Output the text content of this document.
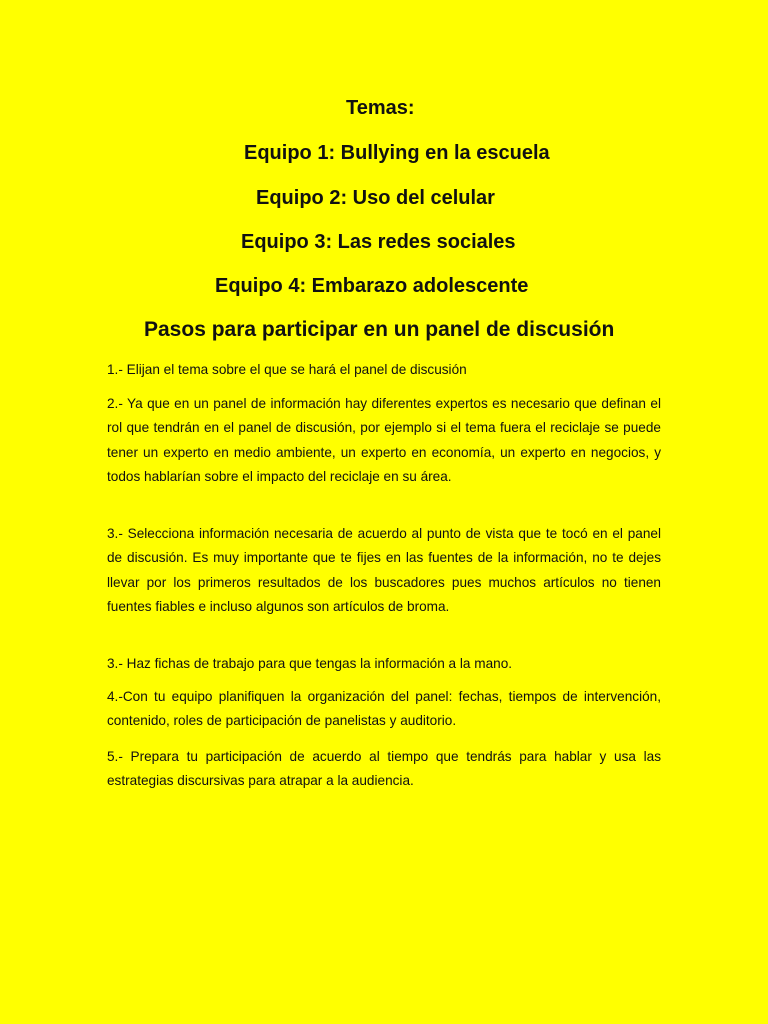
Temas:
Equipo 1: Bullying en la escuela
Equipo 2: Uso del celular
Equipo 3: Las redes sociales
Equipo 4: Embarazo adolescente
Pasos para participar en un panel de discusión

1.- Elijan el tema sobre el que se hará el panel de discusión

2.- Ya que en un panel de información hay diferentes expertos es necesario que definan el rol que tendrán en el panel de discusión, por ejemplo si el tema fuera el reciclaje se puede tener un experto en medio ambiente, un experto en economía, un experto en negocios, y todos hablarían sobre el impacto del reciclaje en su área.

3.- Selecciona información necesaria de acuerdo al punto de vista que te tocó en el panel de discusión. Es muy importante que te fijes en las fuentes de la información, no te dejes llevar por los primeros resultados de los buscadores pues muchos artículos no tienen fuentes fiables e incluso algunos son artículos de broma.

3.- Haz fichas de trabajo para que tengas la información a la mano.

4.-Con tu equipo planifiquen la organización del panel: fechas, tiempos de intervención, contenido, roles de participación de panelistas y auditorio.

5.- Prepara tu participación de acuerdo al tiempo que tendrás para hablar y usa las estrategias discursivas para atrapar a la audiencia.
